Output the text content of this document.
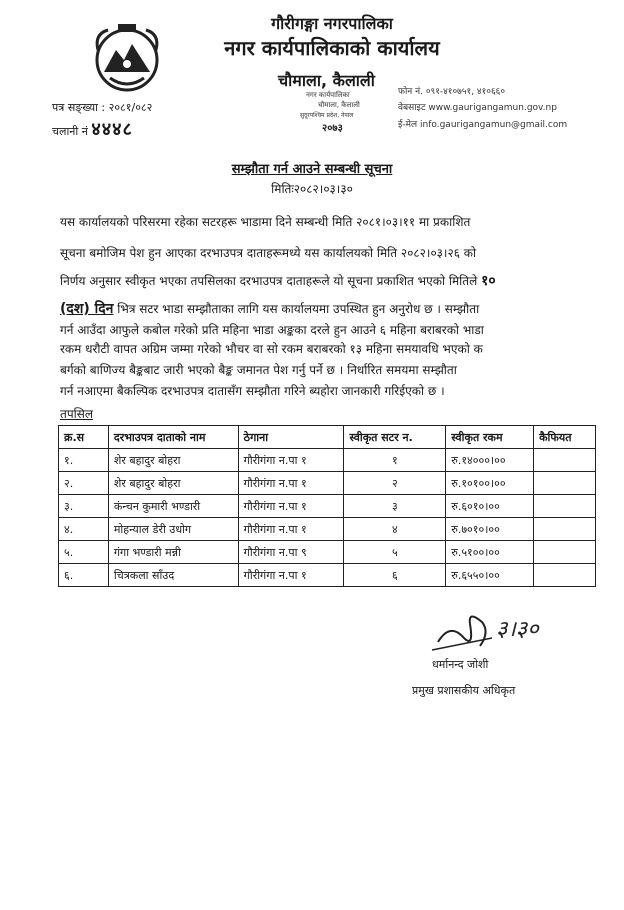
गौरीगङ्गा नगरपालिका
नगर कार्यपालिकाको कार्यालय
चौमाला, कैलाली
फोन नं. ०९१-४१०७५१, ४१०६६०
वेबसाइट www.gaurigangamun.gov.np
ई-मेल info.gaurigangamun@gmail.com
पत्र सङ्ख्या : २०८१/०८२
चलानी नं ४४४८
नगर कार्यपालिका
चौमाला, कैलाली
सुदूरपश्चिम प्रदेश, नेपाल
२०७३
सम्झौता गर्न आउने सम्बन्धी सूचना
मितिः२०८२।०३।३०
यस कार्यालयको परिसरमा रहेका सटरहरू भाडामा दिने सम्बन्धी मिति २०८१।०३।११ मा प्रकाशित
सूचना बमोजिम पेश हुन आएका दरभाउपत्र दाताहरूमध्ये यस कार्यालयको मिति २०८२।०३।२६ को
निर्णय अनुसार स्वीकृत भएका तपसिलका दरभाउपत्र दाताहरूले यो सूचना प्रकाशित भएको मितिले १०
(दश) दिन भित्र सटर भाडा सम्झौताका लागि यस कार्यालयमा उपस्थित हुन अनुरोध छ । सम्झौता
गर्न आउँदा आफुले कबोल गरेको प्रति महिना भाडा अङ्कका दरले हुन आउने ६ महिना बराबरको भाडा
रकम धरौटी वापत अग्रिम जम्मा गरेको भौचर वा सो रकम बराबरको १३ महिना समयावधि भएको क
बर्गको बाणिज्य बैङ्कबाट जारी भएको बैङ्क जमानत पेश गर्नु पर्ने छ । निर्धारित समयमा सम्झौता
गर्न नआएमा बैकल्पिक दरभाउपत्र दातासँग सम्झौता गरिने ब्यहोरा जानकारी गरिईएको छ ।
तपसिल
क्र.स	दरभाउपत्र दाताको नाम	ठेगाना	स्वीकृत सटर न.	स्वीकृत रकम	कैफियत
१.	शेर बहादुर बोहरा	गौरीगंगा न.पा १	१	रु.१४०००।००	
२.	शेर बहादुर बोहरा	गौरीगंगा न.पा १	२	रु.१०१००।००	
३.	कंन्चन कुमारी भण्डारी	गौरीगंगा न.पा १	३	रु.६०१०।००	
४.	मोहन्याल डेरी उधोग	गौरीगंगा न.पा १	४	रु.७०१०।००	
५.	गंगा भण्डारी मन्नी	गौरीगंगा न.पा ९	५	रु.५१००।००	
६.	चित्रकला साँउद	गौरीगंगा न.पा १	६	रु.६५५०।००	
३।३०
धर्मानन्द जोशी
प्रमुख प्रशासकीय अधिकृत
